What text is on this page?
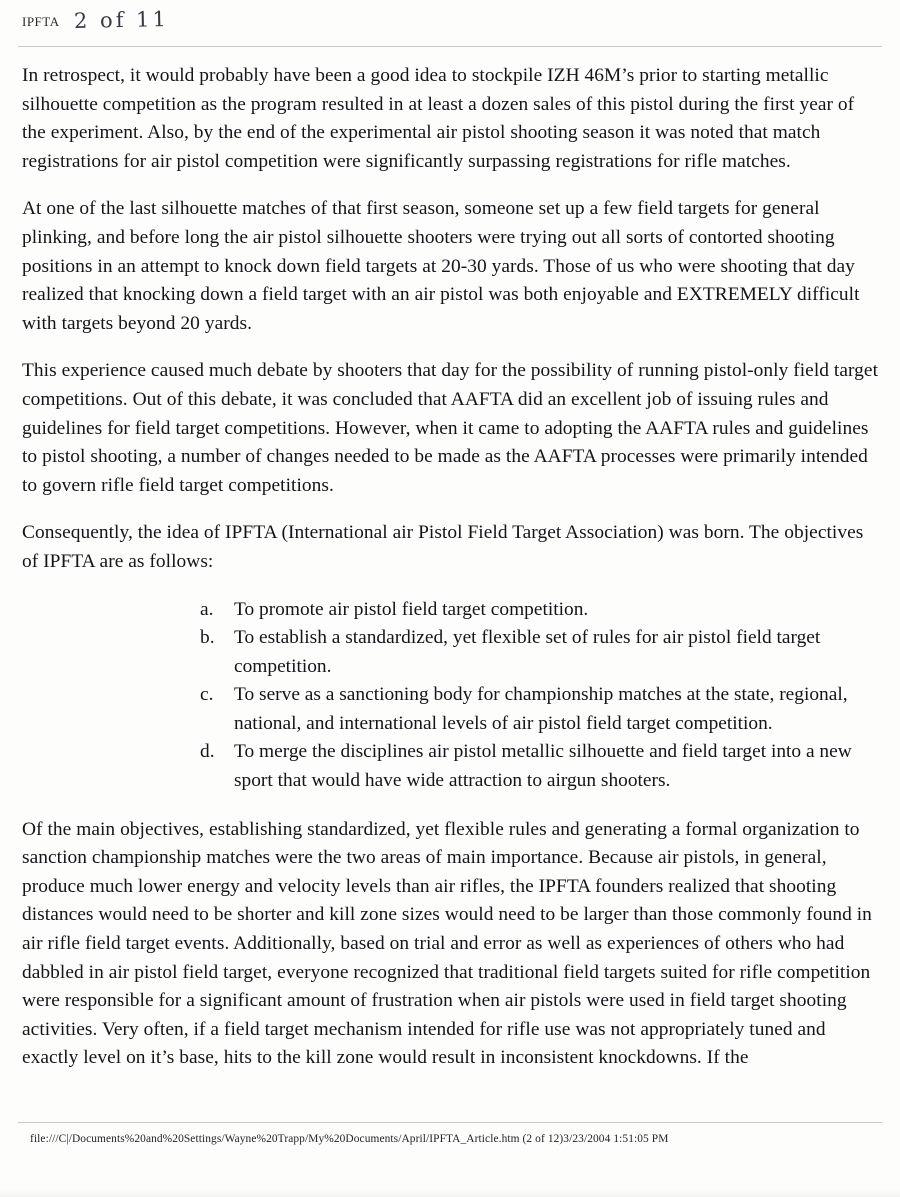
IPFTA 2 of 11

In retrospect, it would probably have been a good idea to stockpile IZH 46M’s prior to starting metallic silhouette competition as the program resulted in at least a dozen sales of this pistol during the first year of the experiment. Also, by the end of the experimental air pistol shooting season it was noted that match registrations for air pistol competition were significantly surpassing registrations for rifle matches.

At one of the last silhouette matches of that first season, someone set up a few field targets for general plinking, and before long the air pistol silhouette shooters were trying out all sorts of contorted shooting positions in an attempt to knock down field targets at 20-30 yards. Those of us who were shooting that day realized that knocking down a field target with an air pistol was both enjoyable and EXTREMELY difficult with targets beyond 20 yards.

This experience caused much debate by shooters that day for the possibility of running pistol-only field target competitions. Out of this debate, it was concluded that AAFTA did an excellent job of issuing rules and guidelines for field target competitions. However, when it came to adopting the AAFTA rules and guidelines to pistol shooting, a number of changes needed to be made as the AAFTA processes were primarily intended to govern rifle field target competitions.

Consequently, the idea of IPFTA (International air Pistol Field Target Association) was born. The objectives of IPFTA are as follows:

a.	To promote air pistol field target competition.
b.	To establish a standardized, yet flexible set of rules for air pistol field target competition.
c.	To serve as a sanctioning body for championship matches at the state, regional, national, and international levels of air pistol field target competition.
d.	To merge the disciplines air pistol metallic silhouette and field target into a new sport that would have wide attraction to airgun shooters.

Of the main objectives, establishing standardized, yet flexible rules and generating a formal organization to sanction championship matches were the two areas of main importance. Because air pistols, in general, produce much lower energy and velocity levels than air rifles, the IPFTA founders realized that shooting distances would need to be shorter and kill zone sizes would need to be larger than those commonly found in air rifle field target events. Additionally, based on trial and error as well as experiences of others who had dabbled in air pistol field target, everyone recognized that traditional field targets suited for rifle competition were responsible for a significant amount of frustration when air pistols were used in field target shooting activities. Very often, if a field target mechanism intended for rifle use was not appropriately tuned and exactly level on it’s base, hits to the kill zone would result in inconsistent knockdowns. If the

file:///C|/Documents%20and%20Settings/Wayne%20Trapp/My%20Documents/April/IPFTA_Article.htm (2 of 12)3/23/2004 1:51:05 PM
